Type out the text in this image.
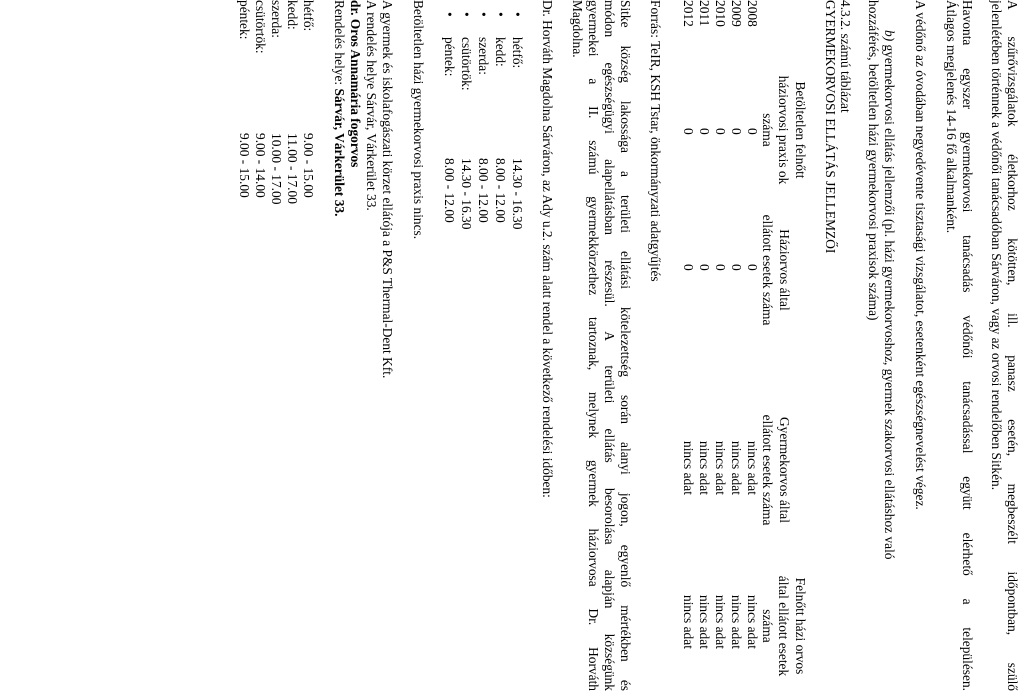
A szűrővizsgálatok életkorhoz kötötten, ill. panasz esetén, megbeszélt időpontban, szülő
jelenlétében történnek a védőnői tanácsadóban Sárváron, vagy az orvosi rendelőben Sitkén.
Havonta egyszer gyermekorvosi tanácsadás védőnői tanácsadással együtt elérhető a településen.
Átlagos megjelenés 14-16 fő alkalmanként.
A védőnő az óvodában negyedévente tisztasági vizsgálatot, esetenként egészségnevelést végez.
b) gyermekorvosi ellátás jellemzői (pl. házi gyermekorvoshoz, gyermek szakorvosi ellátáshoz való
hozzáférés, betöltetlen házi gyermekorvosi praxisok száma)
4.3.2. számú táblázat
GYERMEKORVOSI ELLÁTÁS JELLEMZŐI
Betöltetlen felnőtt
háziorvosi praxis ok
száma
Háziorvos által
ellátott esetek száma
Gyermekorvos által
ellátott esetek száma
Felnőtt házi orvos
által ellátott esetek
száma
2008
0
0
nincs adat
nincs adat
2009
0
0
nincs adat
nincs adat
2010
0
0
nincs adat
nincs adat
2011
0
0
nincs adat
nincs adat
2012
0
0
nincs adat
nincs adat
Forrás: TeIR, KSH Tstar, önkormányzati adatgyűjtés
Sitke község lakossága a területi ellátási kötelezettség során alanyi jogon, egyenlő mértékben és
módon egészségügyi alapellátásban részesül. A területi ellátás besorolása alapján községünk
gyermekei a II. számú gyermekkörzethez tartoznak, melynek gyermek háziorvosa Dr. Horváth
Magdolna.
Dr. Horváth Magdolna Sárváron, az Ady u.2. szám alatt rendel a következő rendelési időben:
•
hétfő:
14.30 - 16.30
•
kedd:
8.00 - 12.00
•
szerda:
8.00 - 12.00
•
csütörtök:
14.30 - 16.30
•
péntek:
8.00 - 12.00
Betöltetlen házi gyermekorvosi praxis nincs.
A gyermek és iskolafogászati körzet ellátója a P&S Thermal-Dent Kft.
A rendelés helye Sárvár, Várkerület 33.
dr. Oros Annamária fogorvos
Rendelés helye: Sárvár, Várkerület 33.
hétfő:
9.00 - 15.00
kedd:
11.00 - 17.00
szerda:
10.00 - 17.00
csütörtök:
9.00 - 14.00
péntek:
9.00 - 15.00
